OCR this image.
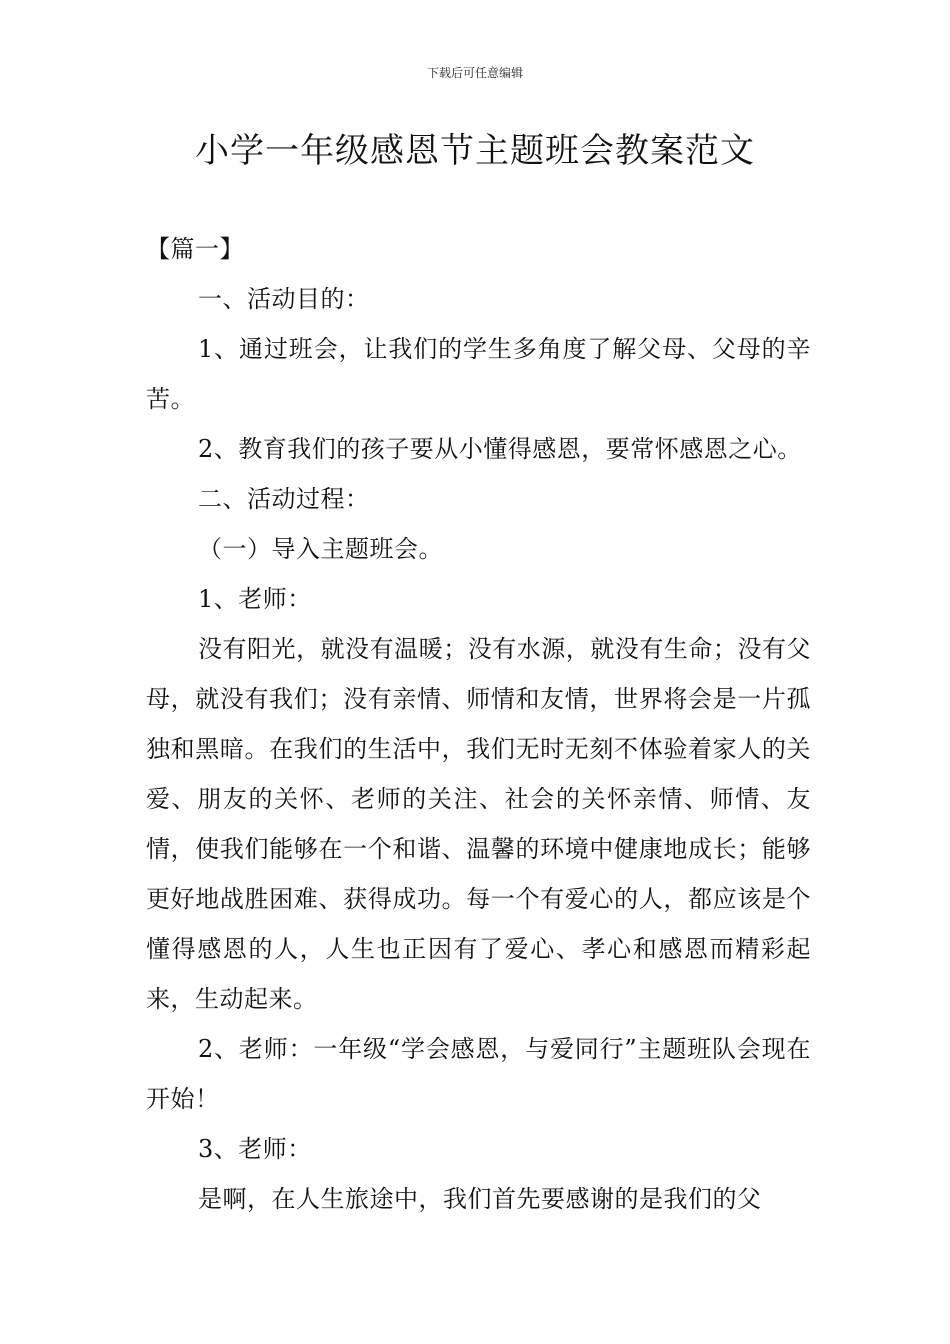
下载后可任意编辑
小学一年级感恩节主题班会教案范文

【篇一】

一、活动目的：

1、通过班会，让我们的学生多角度了解父母、父母的辛苦。

2、教育我们的孩子要从小懂得感恩，要常怀感恩之心。

二、活动过程：

（一）导入主题班会。

1、老师：

没有阳光，就没有温暖；没有水源，就没有生命；没有父母，就没有我们；没有亲情、师情和友情，世界将会是一片孤独和黑暗。在我们的生活中，我们无时无刻不体验着家人的关爱、朋友的关怀、老师的关注、社会的关怀亲情、师情、友情，使我们能够在一个和谐、温馨的环境中健康地成长；能够更好地战胜困难、获得成功。每一个有爱心的人，都应该是个懂得感恩的人，人生也正因有了爱心、孝心和感恩而精彩起来，生动起来。

2、老师：一年级“学会感恩，与爱同行”主题班队会现在开始！

3、老师：

是啊，在人生旅途中，我们首先要感谢的是我们的父
